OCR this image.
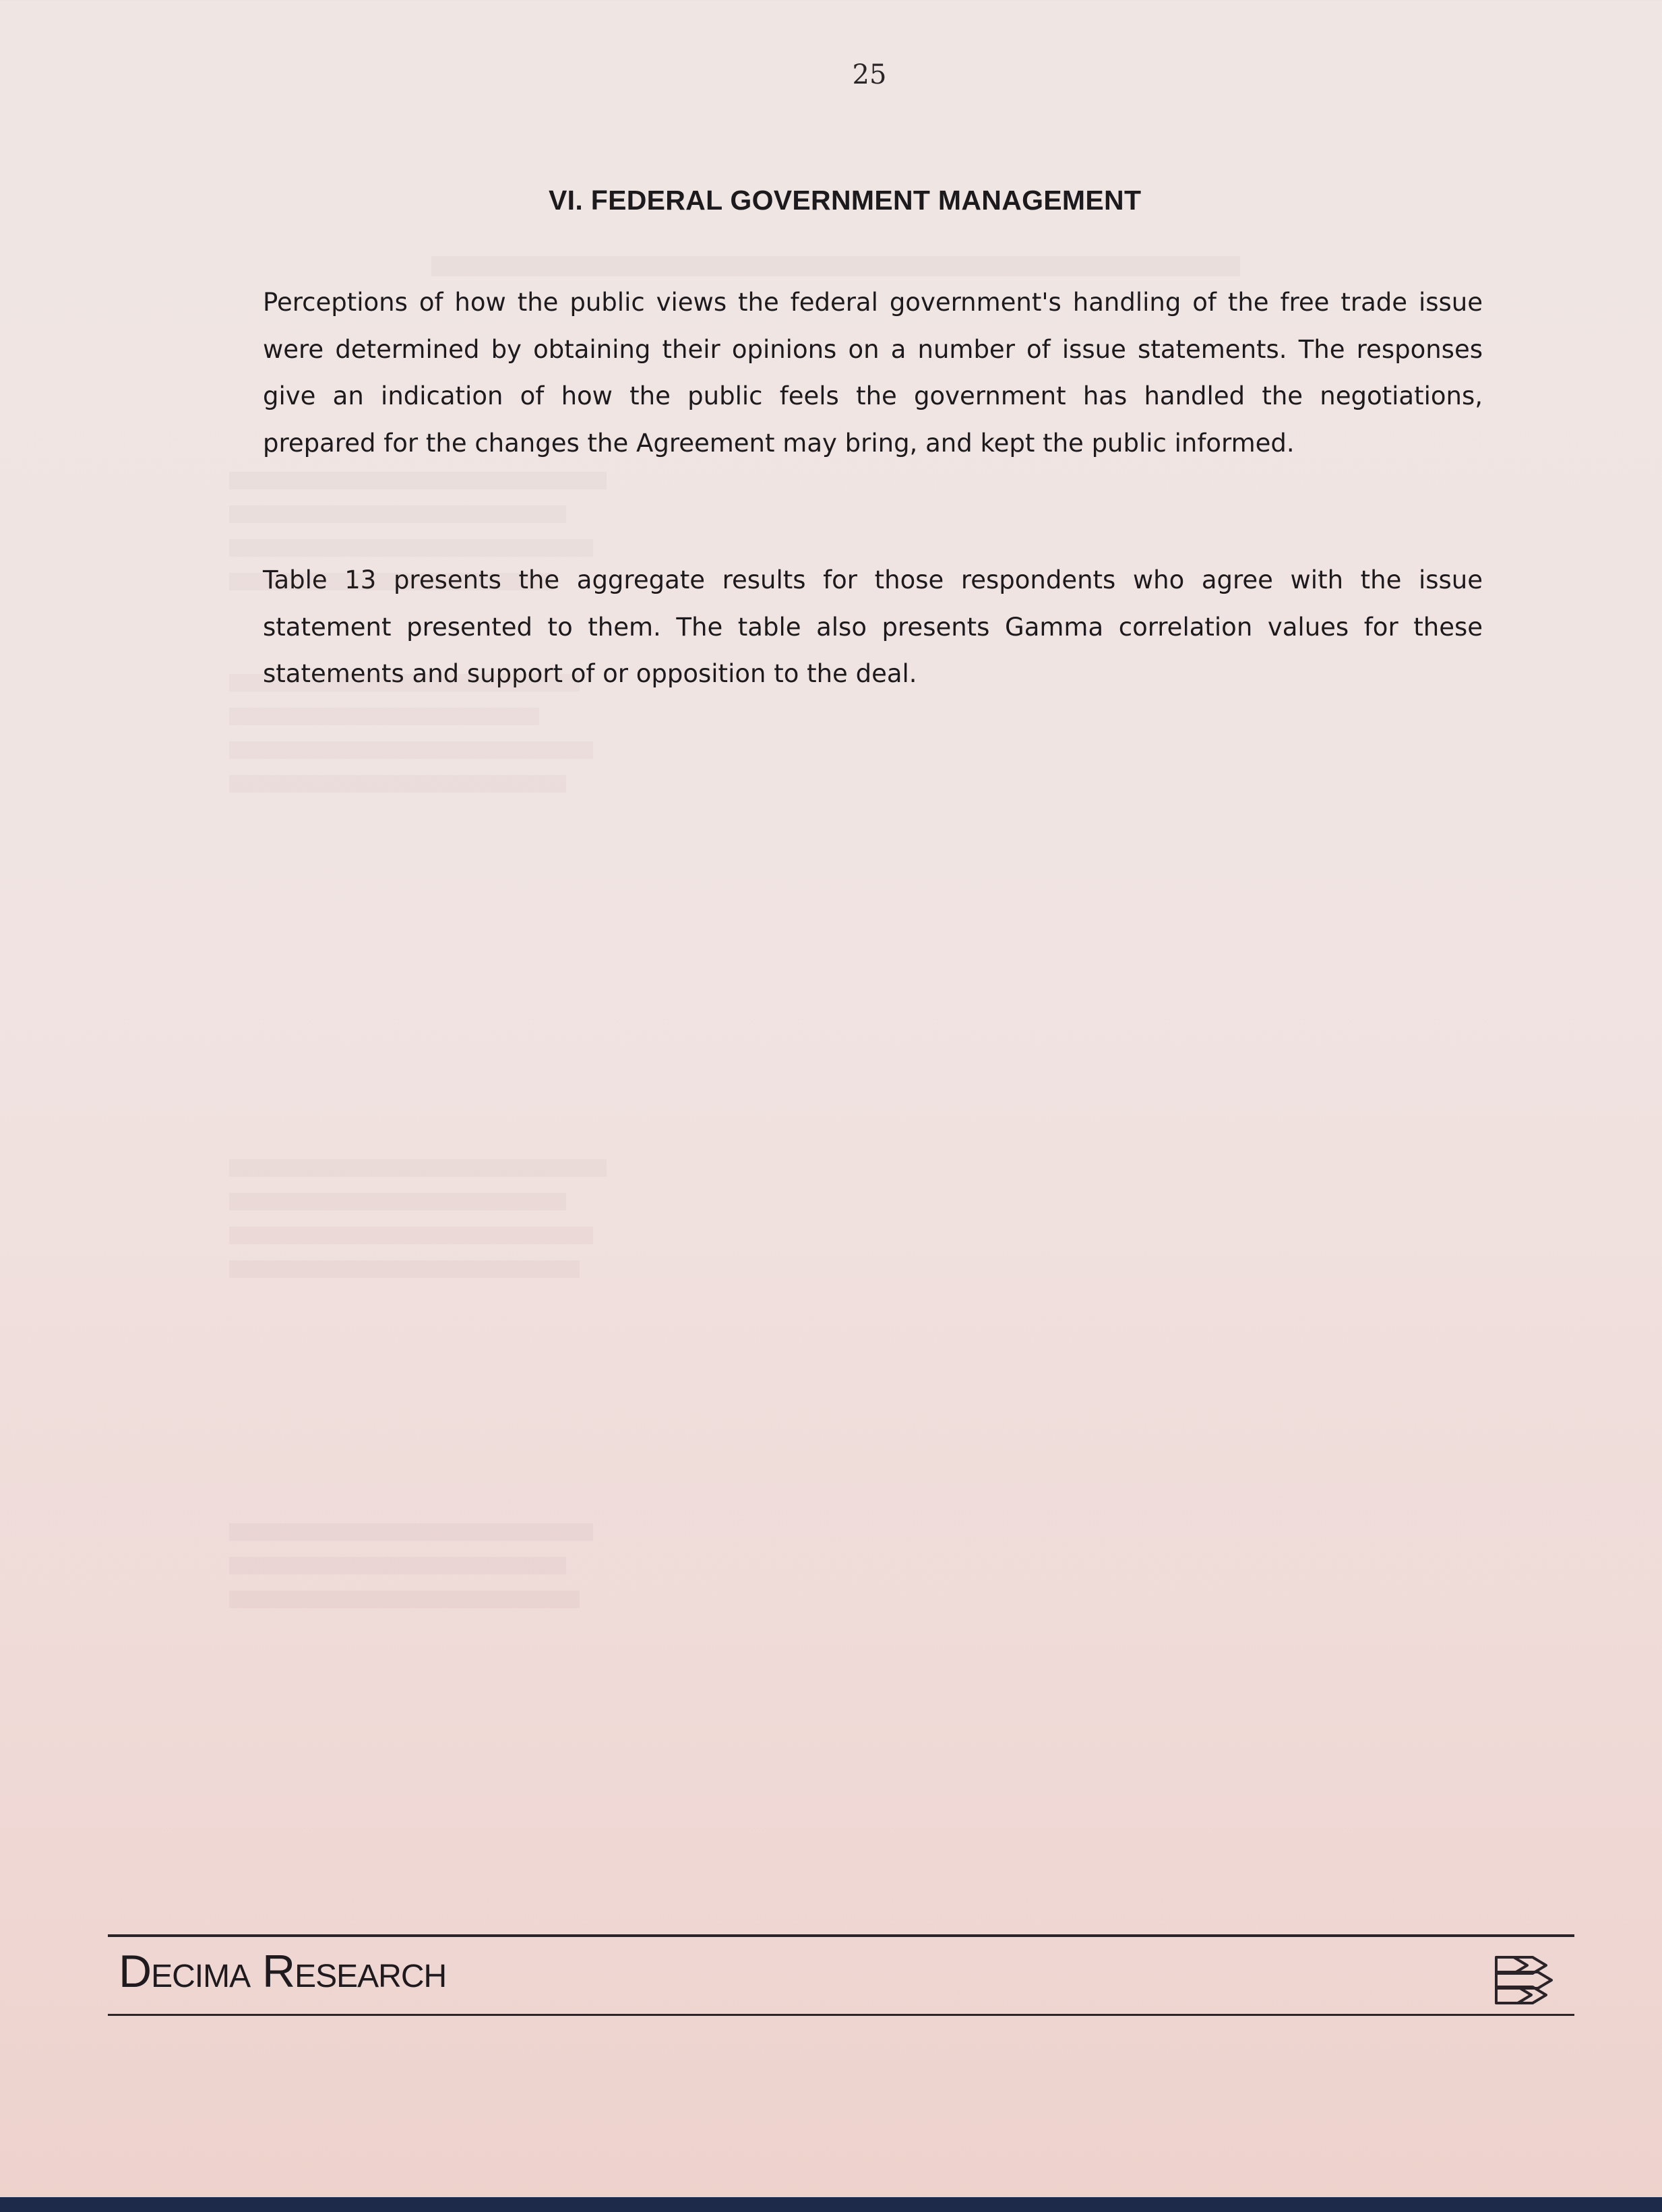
25
VI. FEDERAL GOVERNMENT MANAGEMENT
Perceptions of how the public views the federal government's handling of the free trade issue were determined by obtaining their opinions on a number of issue statements. The responses give an indication of how the public feels the government has handled the negotiations, prepared for the changes the Agreement may bring, and kept the public informed.
Table 13 presents the aggregate results for those respondents who agree with the issue statement presented to them. The table also presents Gamma correlation values for these statements and support of or opposition to the deal.
Decima Research
